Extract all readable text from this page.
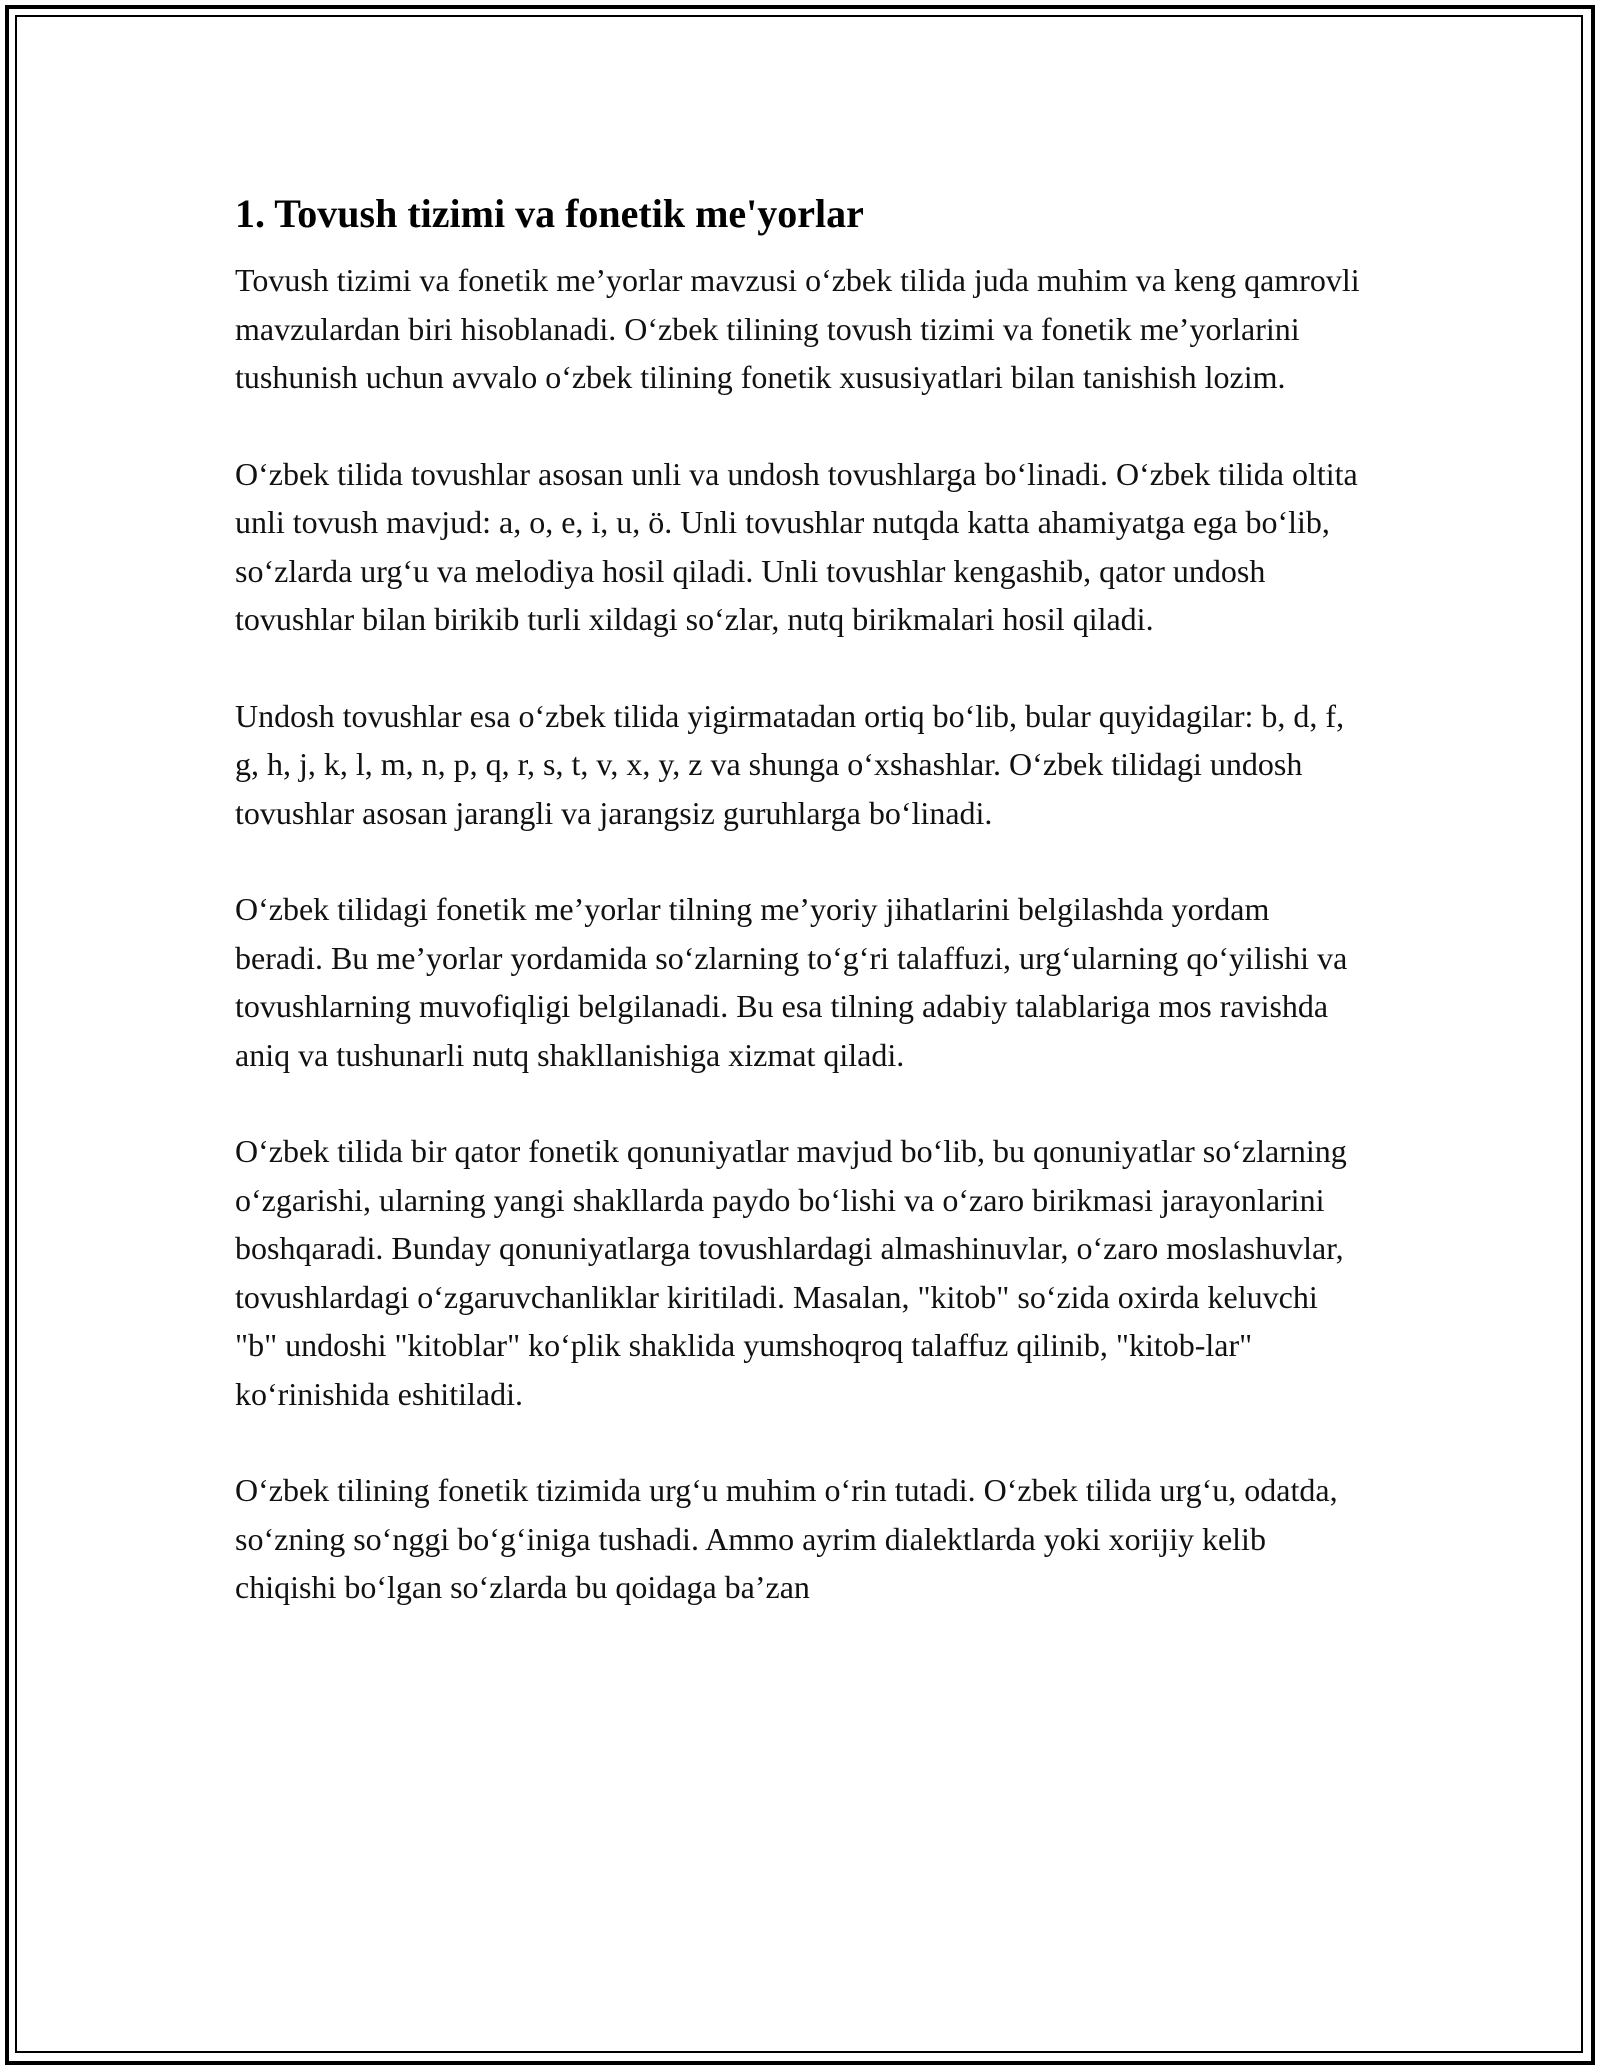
1. Tovush tizimi va fonetik me'yorlar

Tovush tizimi va fonetik me’yorlar mavzusi o‘zbek tilida juda muhim va keng qamrovli mavzulardan biri hisoblanadi. O‘zbek tilining tovush tizimi va fonetik me’yorlarini tushunish uchun avvalo o‘zbek tilining fonetik xususiyatlari bilan tanishish lozim.

O‘zbek tilida tovushlar asosan unli va undosh tovushlarga bo‘linadi. O‘zbek tilida oltita unli tovush mavjud: a, o, e, i, u, ö. Unli tovushlar nutqda katta ahamiyatga ega bo‘lib, so‘zlarda urg‘u va melodiya hosil qiladi. Unli tovushlar kengashib, qator undosh tovushlar bilan birikib turli xildagi so‘zlar, nutq birikmalari hosil qiladi.

Undosh tovushlar esa o‘zbek tilida yigirmatadan ortiq bo‘lib, bular quyidagilar: b, d, f, g, h, j, k, l, m, n, p, q, r, s, t, v, x, y, z va shunga o‘xshashlar. O‘zbek tilidagi undosh tovushlar asosan jarangli va jarangsiz guruhlarga bo‘linadi.

O‘zbek tilidagi fonetik me’yorlar tilning me’yoriy jihatlarini belgilashda yordam beradi. Bu me’yorlar yordamida so‘zlarning to‘g‘ri talaffuzi, urg‘ularning qo‘yilishi va tovushlarning muvofiqligi belgilanadi. Bu esa tilning adabiy talablariga mos ravishda aniq va tushunarli nutq shakllanishiga xizmat qiladi.

O‘zbek tilida bir qator fonetik qonuniyatlar mavjud bo‘lib, bu qonuniyatlar so‘zlarning o‘zgarishi, ularning yangi shakllarda paydo bo‘lishi va o‘zaro birikmasi jarayonlarini boshqaradi. Bunday qonuniyatlarga tovushlardagi almashinuvlar, o‘zaro moslashuvlar, tovushlardagi o‘zgaruvchanliklar kiritiladi. Masalan, "kitob" so‘zida oxirda keluvchi "b" undoshi "kitoblar" ko‘plik shaklida yumshoqroq talaffuz qilinib, "kitob-lar" ko‘rinishida eshitiladi.

O‘zbek tilining fonetik tizimida urg‘u muhim o‘rin tutadi. O‘zbek tilida urg‘u, odatda, so‘zning so‘nggi bo‘g‘iniga tushadi. Ammo ayrim dialektlarda yoki xorijiy kelib chiqishi bo‘lgan so‘zlarda bu qoidaga ba’zan
